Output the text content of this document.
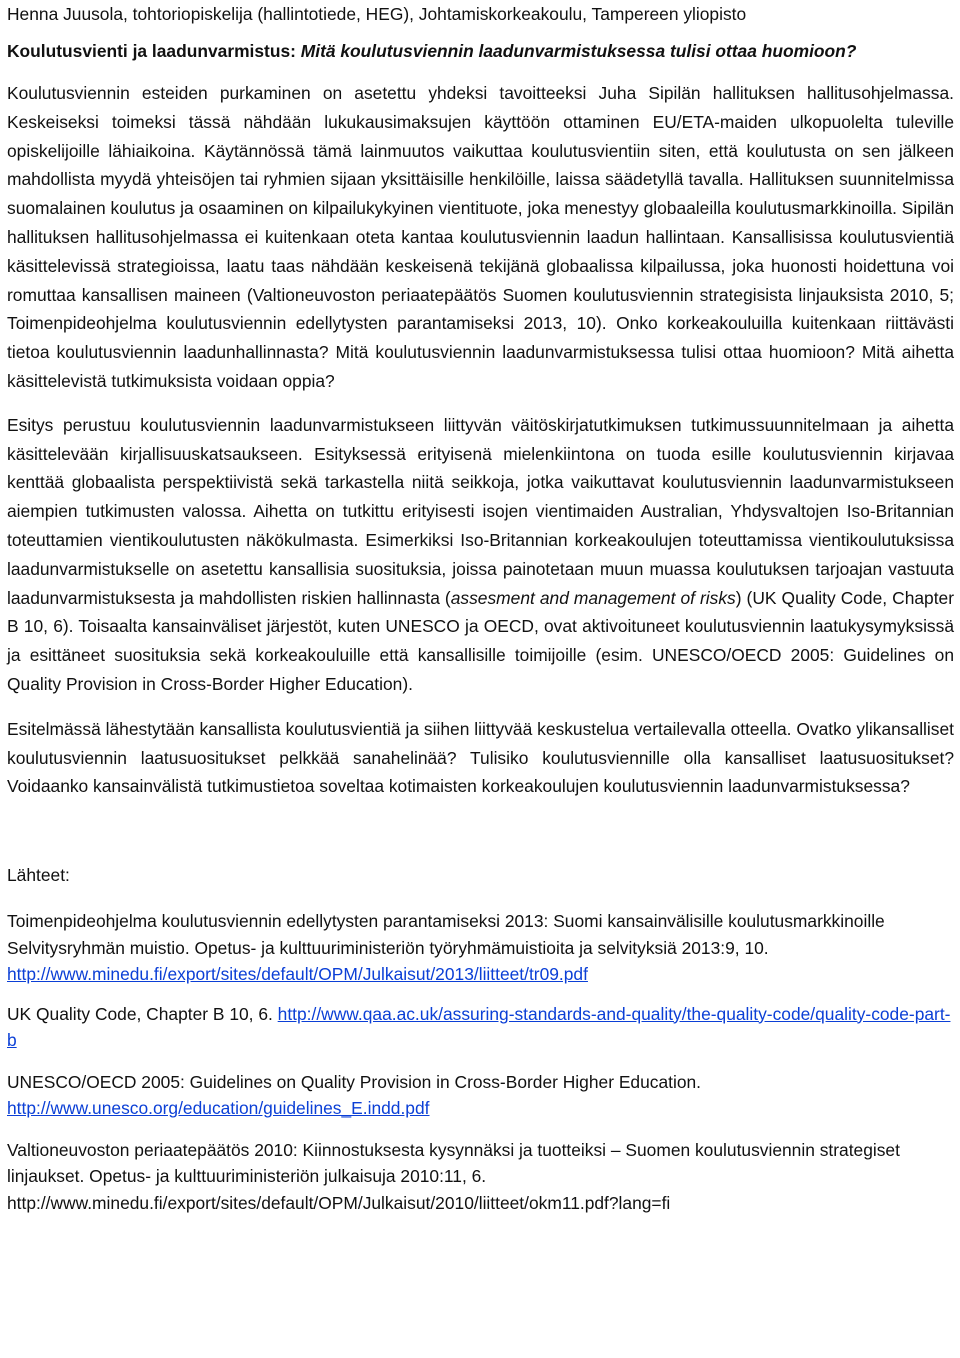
Henna Juusola, tohtoriopiskelija (hallintotiede, HEG), Johtamiskorkeakoulu, Tampereen yliopisto

Koulutusvienti ja laadunvarmistus: Mitä koulutusviennin laadunvarmistuksessa tulisi ottaa huomioon?

Koulutusviennin esteiden purkaminen on asetettu yhdeksi tavoitteeksi Juha Sipilän hallituksen hallitusohjelmassa. Keskeiseksi toimeksi tässä nähdään lukukausimaksujen käyttöön ottaminen EU/ETA-maiden ulkopuolelta tuleville opiskelijoille lähiaikoina. Käytännössä tämä lainmuutos vaikuttaa koulutusvientiin siten, että koulutusta on sen jälkeen mahdollista myydä yhteisöjen tai ryhmien sijaan yksittäisille henkilöille, laissa säädetyllä tavalla. Hallituksen suunnitelmissa suomalainen koulutus ja osaaminen on kilpailukykyinen vientituote, joka menestyy globaaleilla koulutusmarkkinoilla. Sipilän hallituksen hallitusohjelmassa ei kuitenkaan oteta kantaa koulutusviennin laadun hallintaan. Kansallisissa koulutusvientiä käsittelevissä strategioissa, laatu taas nähdään keskeisenä tekijänä globaalissa kilpailussa, joka huonosti hoidettuna voi romuttaa kansallisen maineen (Valtioneuvoston periaatepäätös Suomen koulutusviennin strategisista linjauksista 2010, 5; Toimenpideohjelma koulutusviennin edellytysten parantamiseksi 2013, 10). Onko korkeakouluilla kuitenkaan riittävästi tietoa koulutusviennin laadunhallinnasta? Mitä koulutusviennin laadunvarmistuksessa tulisi ottaa huomioon? Mitä aihetta käsittelevistä tutkimuksista voidaan oppia?

Esitys perustuu koulutusviennin laadunvarmistukseen liittyvän väitöskirjatutkimuksen tutkimussuunnitelmaan ja aihetta käsittelevään kirjallisuuskatsaukseen. Esityksessä erityisenä mielenkiintona on tuoda esille koulutusviennin kirjavaa kenttää globaalista perspektiivistä sekä tarkastella niitä seikkoja, jotka vaikuttavat koulutusviennin laadunvarmistukseen aiempien tutkimusten valossa. Aihetta on tutkittu erityisesti isojen vientimaiden Australian, Yhdysvaltojen Iso-Britannian toteuttamien vientikoulutusten näkökulmasta. Esimerkiksi Iso-Britannian korkeakoulujen toteuttamissa vientikoulutuksissa laadunvarmistukselle on asetettu kansallisia suosituksia, joissa painotetaan muun muassa koulutuksen tarjoajan vastuuta laadunvarmistuksesta ja mahdollisten riskien hallinnasta (assesment and management of risks) (UK Quality Code, Chapter B 10, 6). Toisaalta kansainväliset järjestöt, kuten UNESCO ja OECD, ovat aktivoituneet koulutusviennin laatukysymyksissä ja esittäneet suosituksia sekä korkeakouluille että kansallisille toimijoille (esim. UNESCO/OECD 2005: Guidelines on Quality Provision in Cross-Border Higher Education).

Esitelmässä lähestytään kansallista koulutusvientiä ja siihen liittyvää keskustelua vertailevalla otteella. Ovatko ylikansalliset koulutusviennin laatusuositukset pelkkää sanahelinää? Tulisiko koulutusviennille olla kansalliset laatusuositukset? Voidaanko kansainvälistä tutkimustietoa soveltaa kotimaisten korkeakoulujen koulutusviennin laadunvarmistuksessa?

Lähteet:

Toimenpideohjelma koulutusviennin edellytysten parantamiseksi 2013: Suomi kansainvälisille koulutusmarkkinoille Selvitysryhmän muistio. Opetus- ja kulttuuriministeriön työryhmämuistioita ja selvityksiä 2013:9, 10. http://www.minedu.fi/export/sites/default/OPM/Julkaisut/2013/liitteet/tr09.pdf

UK Quality Code, Chapter B 10, 6. http://www.qaa.ac.uk/assuring-standards-and-quality/the-quality-code/quality-code-part-b

UNESCO/OECD 2005: Guidelines on Quality Provision in Cross-Border Higher Education. http://www.unesco.org/education/guidelines_E.indd.pdf

Valtioneuvoston periaatepäätös 2010: Kiinnostuksesta kysynnäksi ja tuotteiksi – Suomen koulutusviennin strategiset linjaukset. Opetus- ja kulttuuriministeriön julkaisuja 2010:11, 6. http://www.minedu.fi/export/sites/default/OPM/Julkaisut/2010/liitteet/okm11.pdf?lang=fi
